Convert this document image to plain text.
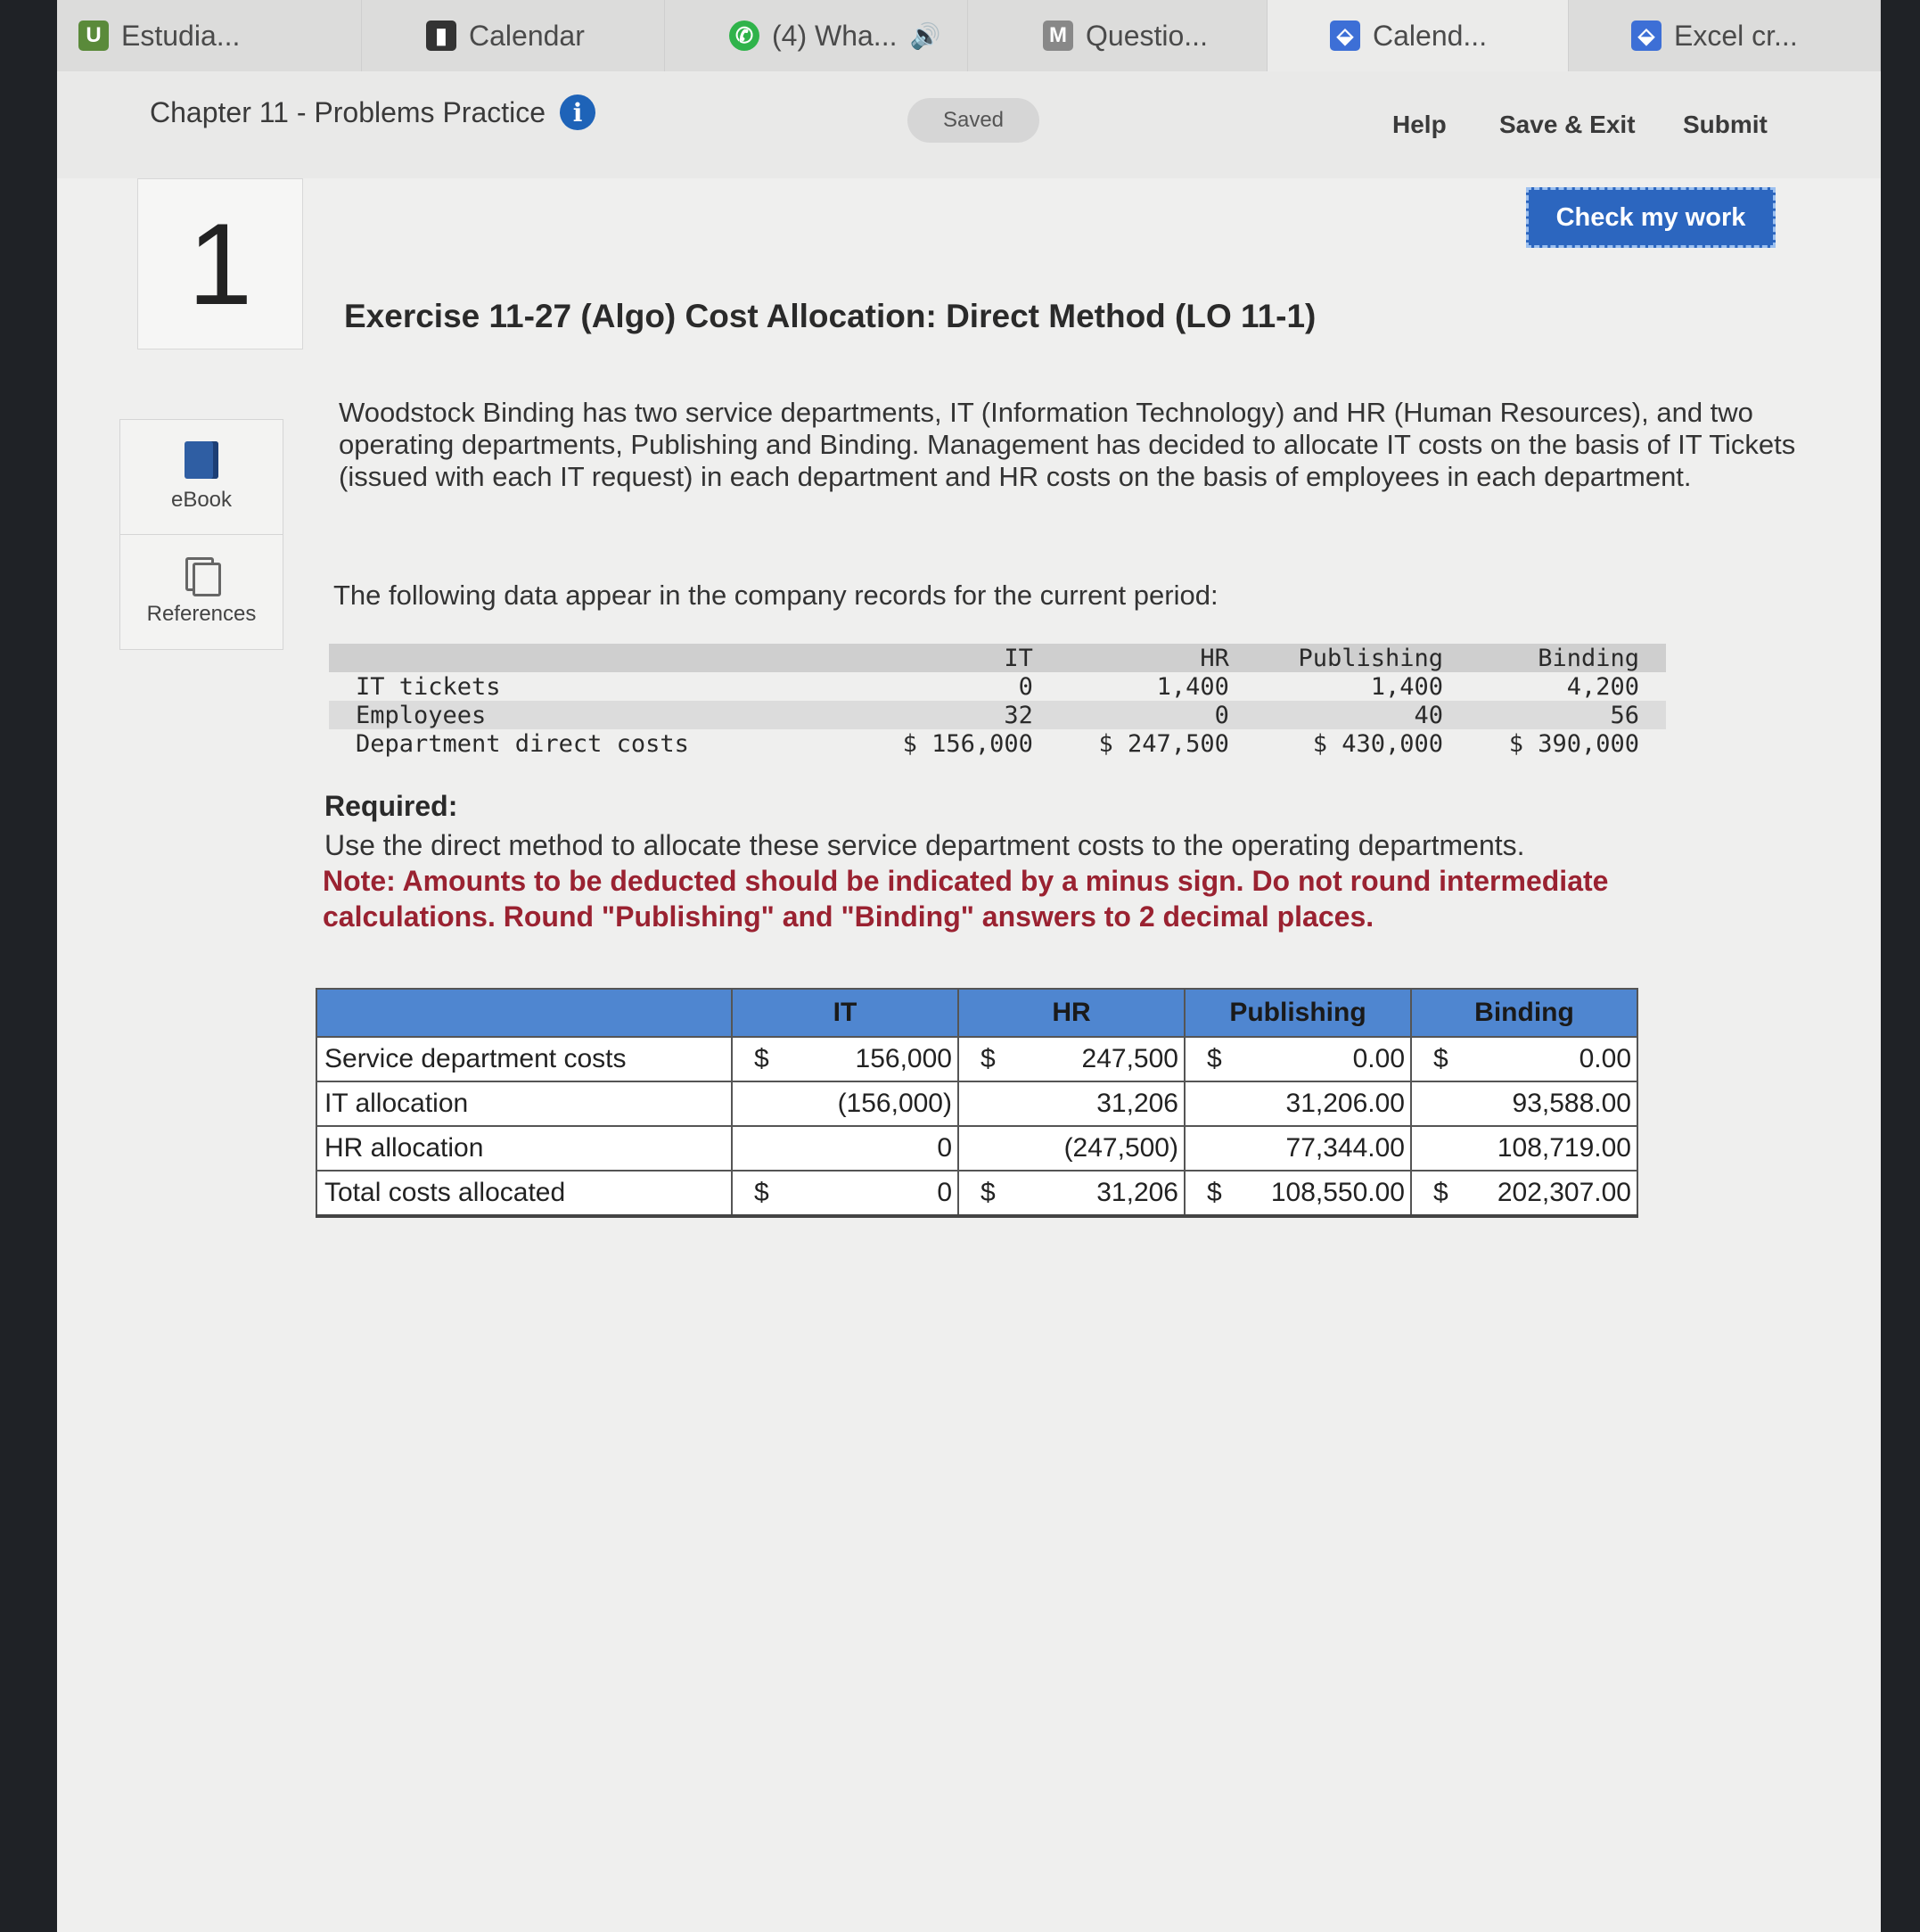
U Estudia...	▮ Calendar	✆ (4) Wha... 🔊	M Questio...	⬙ Calend...	⬙ Excel cr...
Chapter 11 - Problems Practice	i	Saved	Help Save & Exit Submit
1
eBook
References
Check my work
Exercise 11-27 (Algo) Cost Allocation: Direct Method (LO 11-1)
Woodstock Binding has two service departments, IT (Information Technology) and HR (Human Resources), and two operating departments, Publishing and Binding. Management has decided to allocate IT costs on the basis of IT Tickets (issued with each IT request) in each department and HR costs on the basis of employees in each department.
The following data appear in the company records for the current period:
	IT	HR	Publishing	Binding
IT tickets	0	1,400	1,400	4,200
Employees	32	0	40	56
Department direct costs	$ 156,000	$ 247,500	$ 430,000	$ 390,000
Required:
Use the direct method to allocate these service department costs to the operating departments.
Note: Amounts to be deducted should be indicated by a minus sign. Do not round intermediate calculations. Round "Publishing" and "Binding" answers to 2 decimal places.
	IT	HR	Publishing	Binding
Service department costs	$ 156,000	$ 247,500	$ 0.00	$ 0.00

IT allocation	(156,000)	31,206	31,206.00	93,588.00

HR allocation	0	(247,500)	77,344.00	108,719.00

Total costs allocated	$ 0	$ 31,206	$ 108,550.00	$ 202,307.00
